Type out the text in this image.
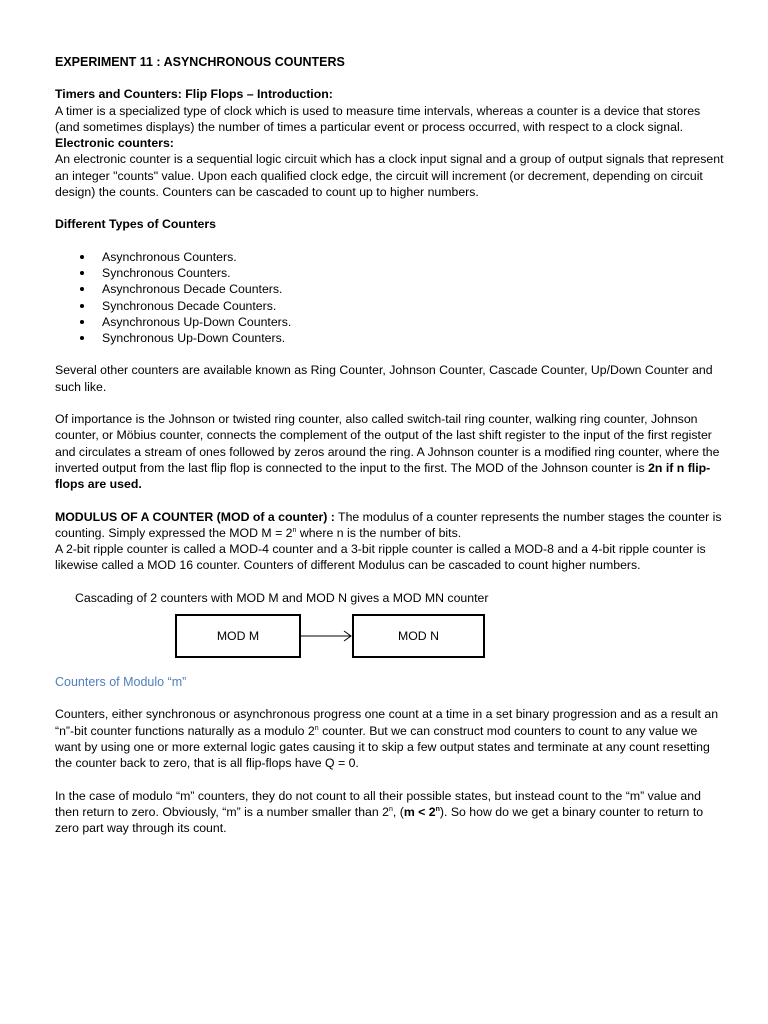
EXPERIMENT 11 : ASYNCHRONOUS COUNTERS

Timers and Counters: Flip Flops – Introduction:

A timer is a specialized type of clock which is used to measure time intervals, whereas a counter is a device that stores (and sometimes displays) the number of times a particular event or process occurred, with respect to a clock signal.

Electronic counters:

An electronic counter is a sequential logic circuit which has a clock input signal and a group of output signals that represent an integer "counts" value. Upon each qualified clock edge, the circuit will increment (or decrement, depending on circuit design) the counts. Counters can be cascaded to count up to higher numbers.

Different Types of Counters

Asynchronous Counters.
Synchronous Counters.
Asynchronous Decade Counters.
Synchronous Decade Counters.
Asynchronous Up-Down Counters.
Synchronous Up-Down Counters.

Several other counters are available known as Ring Counter, Johnson Counter, Cascade Counter, Up/Down Counter and such like.

Of importance is the Johnson or twisted ring counter, also called switch-tail ring counter, walking ring counter, Johnson counter, or Möbius counter, connects the complement of the output of the last shift register to the input of the first register and circulates a stream of ones followed by zeros around the ring. A Johnson counter is a modified ring counter, where the inverted output from the last flip flop is connected to the input to the first. The MOD of the Johnson counter is 2n if n flip-flops are used.

MODULUS OF A COUNTER (MOD of a counter) : The modulus of a counter represents the number stages the counter is counting. Simply expressed the MOD $M = 2^n$ where n is the number of bits.

A 2-bit ripple counter is called a MOD-4 counter and a 3-bit ripple counter is called a MOD-8 and a 4-bit ripple counter is likewise called a MOD 16 counter. Counters of different Modulus can be cascaded to count higher numbers.

Cascading of 2 counters with MOD M and MOD N gives a MOD MN counter

MOD M	MOD N

Counters of Modulo “m”

Counters, either synchronous or asynchronous progress one count at a time in a set binary progression and as a result an “n”-bit counter functions naturally as a modulo 2$^n$ counter. But we can construct mod counters to count to any value we want by using one or more external logic gates causing it to skip a few output states and terminate at any count resetting the counter back to zero, that is all flip-flops have Q = 0.

In the case of modulo “m” counters, they do not count to all their possible states, but instead count to the “m” value and then return to zero. Obviously, “m” is a number smaller than 2$^n$, $(m < 2^n)$. So how do we get a binary counter to return to zero part way through its count.
